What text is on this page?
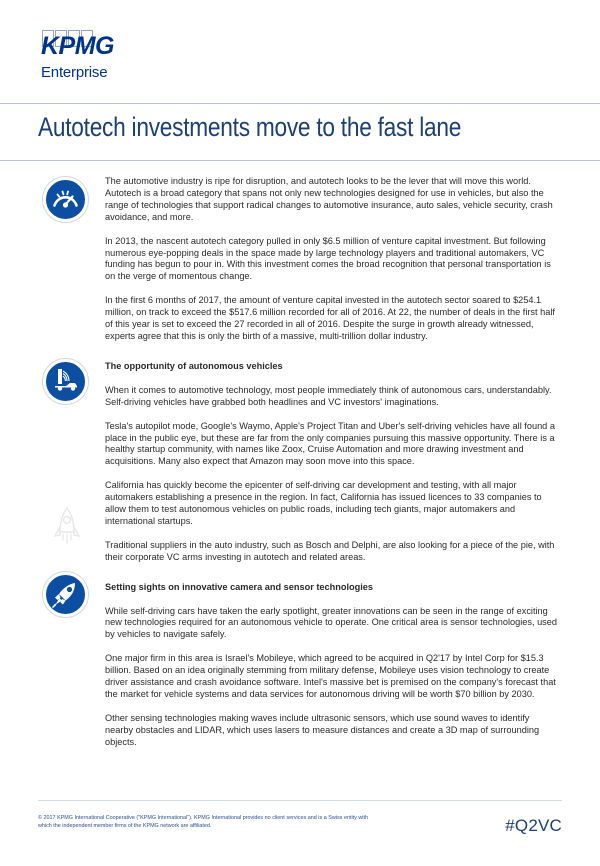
KPMG
Enterprise
Autotech investments move to the fast lane

The automotive industry is ripe for disruption, and autotech looks to be the lever that will move this world. Autotech is a broad category that spans not only new technologies designed for use in vehicles, but also the range of technologies that support radical changes to automotive insurance, auto sales, vehicle security, crash avoidance, and more.

In 2013, the nascent autotech category pulled in only $6.5 million of venture capital investment. But following numerous eye-popping deals in the space made by large technology players and traditional automakers, VC funding has begun to pour in. With this investment comes the broad recognition that personal transportation is on the verge of momentous change.

In the first 6 months of 2017, the amount of venture capital invested in the autotech sector soared to $254.1 million, on track to exceed the $517.6 million recorded for all of 2016. At 22, the number of deals in the first half of this year is set to exceed the 27 recorded in all of 2016. Despite the surge in growth already witnessed, experts agree that this is only the birth of a massive, multi-trillion dollar industry.

The opportunity of autonomous vehicles

When it comes to automotive technology, most people immediately think of autonomous cars, understandably. Self-driving vehicles have grabbed both headlines and VC investors' imaginations.

Tesla's autopilot mode, Google's Waymo, Apple's Project Titan and Uber's self-driving vehicles have all found a place in the public eye, but these are far from the only companies pursuing this massive opportunity. There is a healthy startup community, with names like Zoox, Cruise Automation and more drawing investment and acquisitions. Many also expect that Amazon may soon move into this space.

California has quickly become the epicenter of self-driving car development and testing, with all major automakers establishing a presence in the region. In fact, California has issued licences to 33 companies to allow them to test autonomous vehicles on public roads, including tech giants, major automakers and international startups.

Traditional suppliers in the auto industry, such as Bosch and Delphi, are also looking for a piece of the pie, with their corporate VC arms investing in autotech and related areas.

Setting sights on innovative camera and sensor technologies

While self-driving cars have taken the early spotlight, greater innovations can be seen in the range of exciting new technologies required for an autonomous vehicle to operate. One critical area is sensor technologies, used by vehicles to navigate safely.

One major firm in this area is Israel's Mobileye, which agreed to be acquired in Q2'17 by Intel Corp for $15.3 billion. Based on an idea originally stemming from military defense, Mobileye uses vision technology to create driver assistance and crash avoidance software. Intel's massive bet is premised on the company's forecast that the market for vehicle systems and data services for autonomous driving will be worth $70 billion by 2030.

Other sensing technologies making waves include ultrasonic sensors, which use sound waves to identify nearby obstacles and LIDAR, which uses lasers to measure distances and create a 3D map of surrounding objects.

© 2017 KPMG International Cooperative ("KPMG International"). KPMG International provides no client services and is a Swiss entity with which the independent member firms of the KPMG network are affiliated.	#Q2VC
